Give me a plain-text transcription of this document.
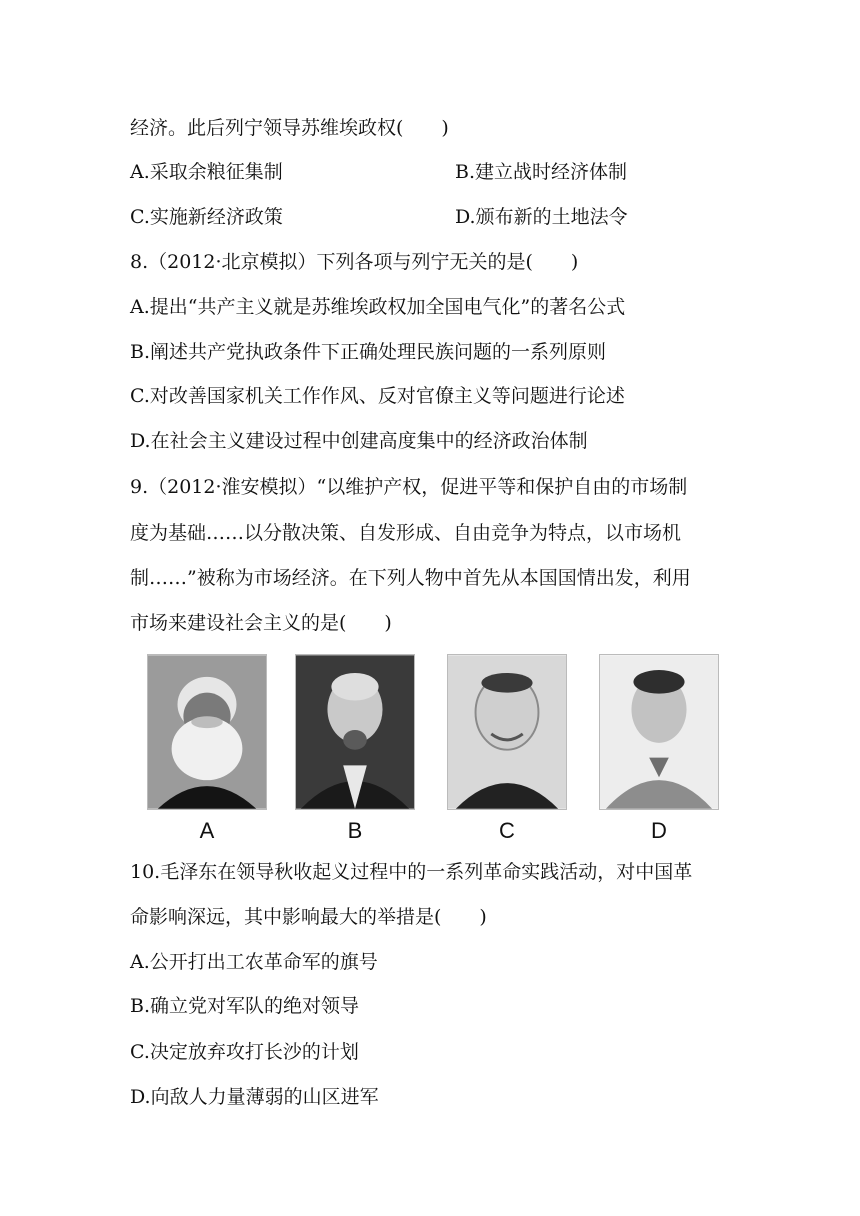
经济。此后列宁领导苏维埃政权(　　)
A.采取余粮征集制	B.建立战时经济体制
C.实施新经济政策	D.颁布新的土地法令
8.（2012·北京模拟）下列各项与列宁无关的是(　　)
A.提出“共产主义就是苏维埃政权加全国电气化”的著名公式
B.阐述共产党执政条件下正确处理民族问题的一系列原则
C.对改善国家机关工作作风、反对官僚主义等问题进行论述
D.在社会主义建设过程中创建高度集中的经济政治体制
9.（2012·淮安模拟）“以维护产权，促进平等和保护自由的市场制
度为基础……以分散决策、自发形成、自由竞争为特点，以市场机
制……”被称为市场经济。在下列人物中首先从本国国情出发，利用
市场来建设社会主义的是(　　)
A	B	C	D
10.毛泽东在领导秋收起义过程中的一系列革命实践活动，对中国革
命影响深远，其中影响最大的举措是(　　)
A.公开打出工农革命军的旗号
B.确立党对军队的绝对领导
C.决定放弃攻打长沙的计划
D.向敌人力量薄弱的山区进军
